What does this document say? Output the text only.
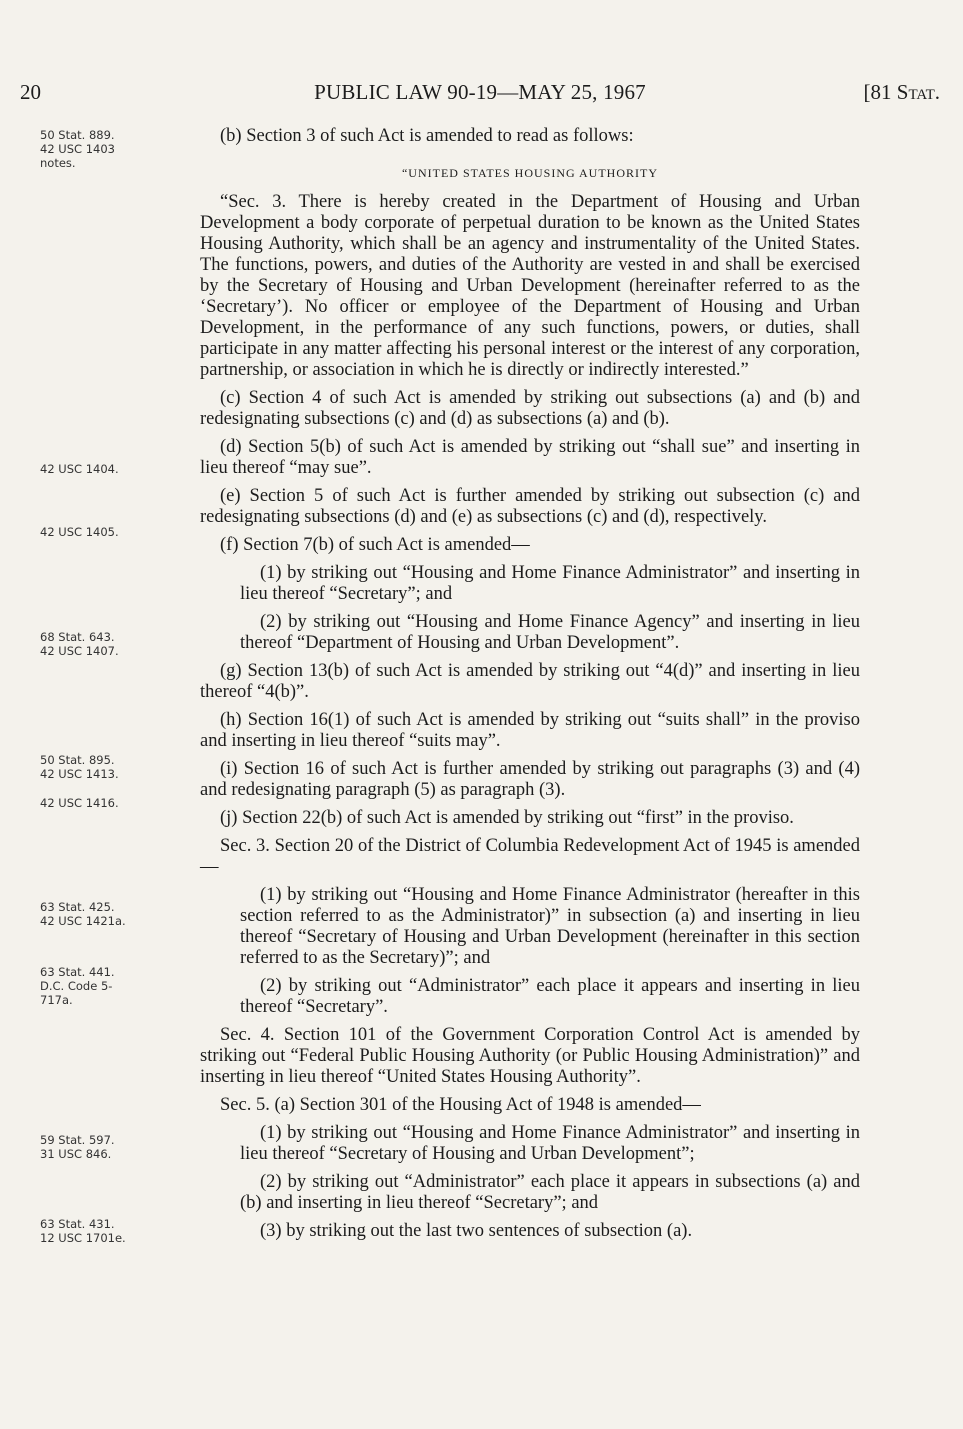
20	PUBLIC LAW 90-19—MAY 25, 1967	[81 Stat.
50 Stat. 889.
42 USC 1403
notes.
42 USC 1404.
42 USC 1405.
68 Stat. 643.
42 USC 1407.
50 Stat. 895.
42 USC 1413.
42 USC 1416.
63 Stat. 425.
42 USC 1421a.
63 Stat. 441.
D.C. Code 5-
717a.
59 Stat. 597.
31 USC 846.
63 Stat. 431.
12 USC 1701e.

(b) Section 3 of such Act is amended to read as follows:

“UNITED STATES HOUSING AUTHORITY

“Sec. 3. There is hereby created in the Department of Housing and Urban Development a body corporate of perpetual duration to be known as the United States Housing Authority, which shall be an agency and instrumentality of the United States. The functions, powers, and duties of the Authority are vested in and shall be exercised by the Secretary of Housing and Urban Development (hereinafter referred to as the ‘Secretary’). No officer or employee of the Department of Housing and Urban Development, in the performance of any such functions, powers, or duties, shall participate in any matter affecting his personal interest or the interest of any corporation, partnership, or association in which he is directly or indirectly interested.”

(c) Section 4 of such Act is amended by striking out subsections (a) and (b) and redesignating subsections (c) and (d) as subsections (a) and (b).

(d) Section 5(b) of such Act is amended by striking out “shall sue” and inserting in lieu thereof “may sue”.

(e) Section 5 of such Act is further amended by striking out subsection (c) and redesignating subsections (d) and (e) as subsections (c) and (d), respectively.

(f) Section 7(b) of such Act is amended—

(1) by striking out “Housing and Home Finance Administrator” and inserting in lieu thereof “Secretary”; and

(2) by striking out “Housing and Home Finance Agency” and inserting in lieu thereof “Department of Housing and Urban Development”.

(g) Section 13(b) of such Act is amended by striking out “4(d)” and inserting in lieu thereof “4(b)”.

(h) Section 16(1) of such Act is amended by striking out “suits shall” in the proviso and inserting in lieu thereof “suits may”.

(i) Section 16 of such Act is further amended by striking out paragraphs (3) and (4) and redesignating paragraph (5) as paragraph (3).

(j) Section 22(b) of such Act is amended by striking out “first” in the proviso.

Sec. 3. Section 20 of the District of Columbia Redevelopment Act of 1945 is amended—

(1) by striking out “Housing and Home Finance Administrator (hereafter in this section referred to as the Administrator)” in subsection (a) and inserting in lieu thereof “Secretary of Housing and Urban Development (hereinafter in this section referred to as the Secretary)”; and

(2) by striking out “Administrator” each place it appears and inserting in lieu thereof “Secretary”.

Sec. 4. Section 101 of the Government Corporation Control Act is amended by striking out “Federal Public Housing Authority (or Public Housing Administration)” and inserting in lieu thereof “United States Housing Authority”.

Sec. 5. (a) Section 301 of the Housing Act of 1948 is amended—

(1) by striking out “Housing and Home Finance Administrator” and inserting in lieu thereof “Secretary of Housing and Urban Development”;

(2) by striking out “Administrator” each place it appears in subsections (a) and (b) and inserting in lieu thereof “Secretary”; and

(3) by striking out the last two sentences of subsection (a).
